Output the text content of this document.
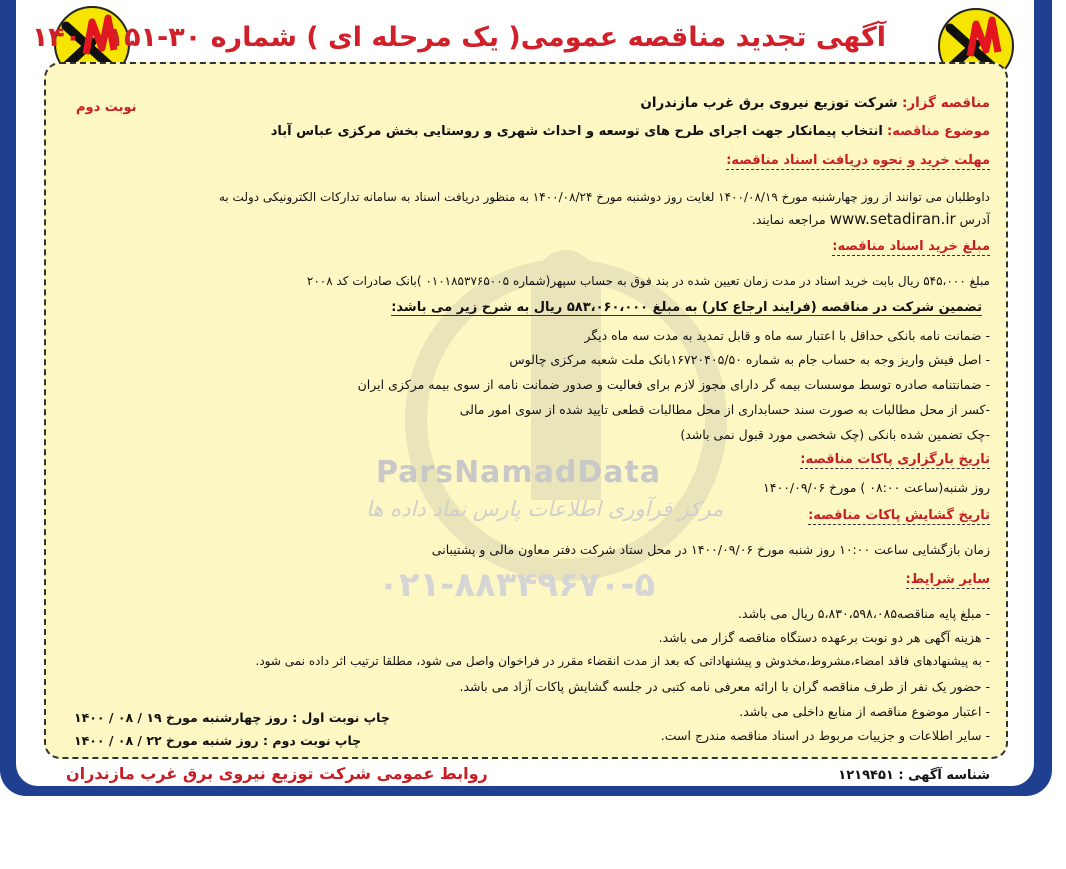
آگهی تجدید مناقصه عمومی( یک مرحله ای ) شماره ۳۰-۱۴۰۰/۱۵۱
ParsNamadData
مرکز فرآوری اطلاعات پارس نماد داده ها
۰۲۱-۸۸۳۴۹۶۷۰-۵
نوبت دوم	مناقصه گزار: شرکت توزیع نیروی برق غرب مازندران
موضوع مناقصه: انتخاب پیمانکار جهت اجرای طرح های توسعه و احداث شهری و روستایی بخش مرکزی عباس آباد
مهلت خرید و نحوه دریافت اسناد مناقصه:
داوطلبان می توانند از روز چهارشنبه مورخ ۱۴۰۰/۰۸/۱۹ لغایت روز دوشنبه مورخ ۱۴۰۰/۰۸/۲۴ به منظور دریافت اسناد به سامانه تدارکات الکترونیکی دولت به
آدرس www.setadiran.ir مراجعه نمایند.
مبلغ خرید اسناد مناقصه:
مبلغ ۵۴۵،۰۰۰ ریال بابت خرید اسناد در مدت زمان تعیین شده در بند فوق به حساب سپهر(شماره ۰۱۰۱۸۵۳۷۶۵۰۰۵ )بانک صادرات کد ۲۰۰۸
تضمین شرکت در مناقصه (فرایند ارجاع کار) به مبلغ ۵۸۳،۰۶۰،۰۰۰ ریال به شرح زیر می باشد:
- ضمانت نامه بانکی حداقل با اعتبار سه ماه و قابل تمدید به مدت سه ماه دیگر
- اصل فیش واریز وجه به حساب جام به شماره ۱۶۷۲۰۴۰۵/۵۰بانک ملت شعبه مرکزی چالوس
- ضمانتنامه صادره توسط موسسات بیمه گر دارای مجوز لازم برای فعالیت و صدور ضمانت نامه از سوی بیمه مرکزی ایران
-کسر از محل مطالبات به صورت سند حسابداری از محل مطالبات قطعی تایید شده از سوی امور مالی
-چک تضمین شده بانکی (چک شخصی مورد قبول نمی باشد)
تاریخ بارگزاری پاکات مناقصه:
روز شنبه(ساعت ۰۸:۰۰ ) مورخ ۱۴۰۰/۰۹/۰۶
تاریخ گشایش پاکات مناقصه:
زمان بازگشایی ساعت ۱۰:۰۰ روز شنبه مورخ ۱۴۰۰/۰۹/۰۶ در محل ستاد شرکت دفتر معاون مالی و پشتیبانی
سایر شرایط:
- مبلغ پایه مناقصه۵،۸۳۰،۵۹۸،۰۸۵ ریال می باشد.
- هزینه آگهی هر دو نوبت برعهده دستگاه مناقصه گزار می باشد.
- به پیشنهادهای فاقد امضاء،مشروط،مخدوش و پیشنهاداتی که بعد از مدت انقضاء مقرر در فراخوان واصل می شود، مطلقا ترتیب اثر داده نمی شود.
- حضور یک نفر از طرف مناقصه گران با ارائه معرفی نامه کتبی در جلسه گشایش پاکات آزاد می باشد.
- اعتبار موضوع مناقصه از منابع داخلی می باشد.
- سایر اطلاعات و جزییات مربوط در اسناد مناقصه مندرج است.
چاپ نوبت اول : روز چهارشنبه مورخ ۱۹ / ۰۸ / ۱۴۰۰
چاپ نوبت دوم : روز شنبه مورخ ۲۲ / ۰۸ / ۱۴۰۰
شناسه آگهی : ۱۲۱۹۴۵۱
روابط عمومی شرکت توزیع نیروی برق غرب مازندران
